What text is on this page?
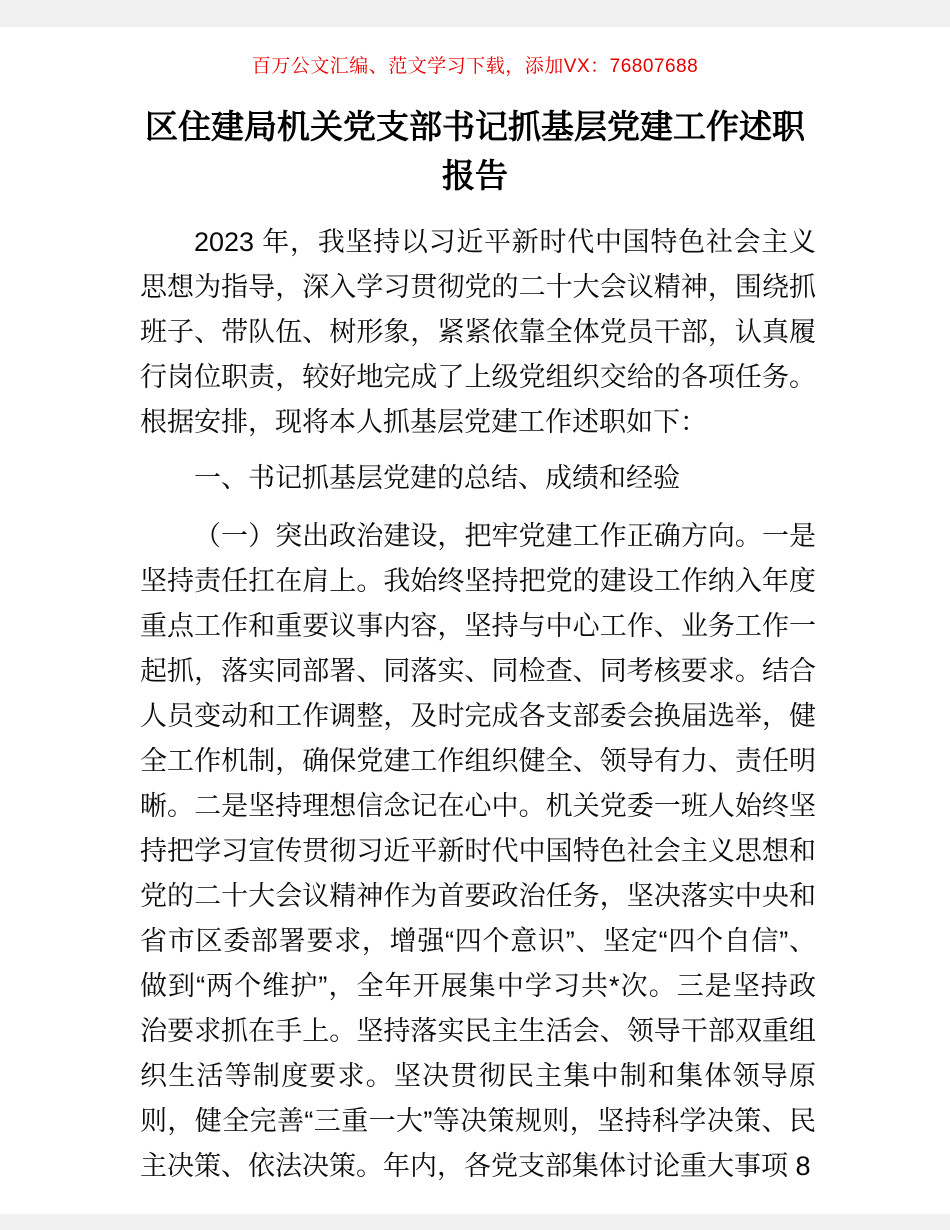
百万公文汇编、范文学习下载，添加VX：76807688
区住建局机关党支部书记抓基层党建工作述职报告

2023 年，我坚持以习近平新时代中国特色社会主义思想为指导，深入学习贯彻党的二十大会议精神，围绕抓班子、带队伍、树形象，紧紧依靠全体党员干部，认真履行岗位职责，较好地完成了上级党组织交给的各项任务。根据安排，现将本人抓基层党建工作述职如下：

一、书记抓基层党建的总结、成绩和经验

（一）突出政治建设，把牢党建工作正确方向。一是坚持责任扛在肩上。我始终坚持把党的建设工作纳入年度重点工作和重要议事内容，坚持与中心工作、业务工作一起抓，落实同部署、同落实、同检查、同考核要求。结合人员变动和工作调整，及时完成各支部委会换届选举，健全工作机制，确保党建工作组织健全、领导有力、责任明晰。二是坚持理想信念记在心中。机关党委一班人始终坚持把学习宣传贯彻习近平新时代中国特色社会主义思想和党的二十大会议精神作为首要政治任务，坚决落实中央和省市区委部署要求，增强“四个意识”、坚定“四个自信”、做到“两个维护”，全年开展集中学习共*次。三是坚持政治要求抓在手上。坚持落实民主生活会、领导干部双重组织生活等制度要求。坚决贯彻民主集中制和集体领导原则，健全完善“三重一大”等决策规则，坚持科学决策、民主决策、依法决策。年内，各党支部集体讨论重大事项 8
